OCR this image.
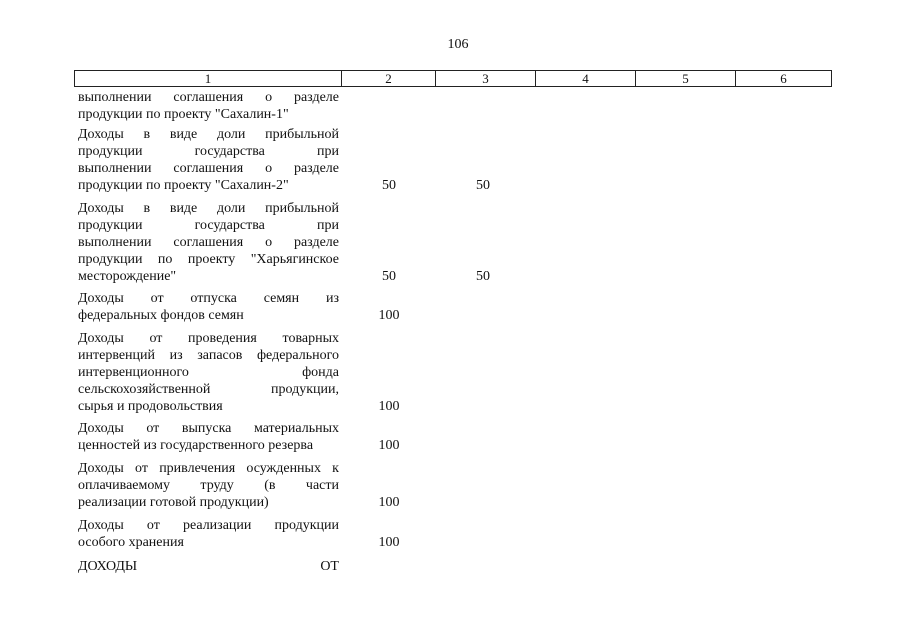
106
1	2	3	4	5	6
выполнении соглашения о разделе
продукции по проекту "Сахалин-1"
Доходы в виде доли прибыльной
продукции государства при
выполнении соглашения о разделе
продукции по проекту "Сахалин-2"	50	50
Доходы в виде доли прибыльной
продукции государства при
выполнении соглашения о разделе
продукции по проекту "Харьягинское
месторождение"	50	50
Доходы от отпуска семян из
федеральных фондов семян	100
Доходы от проведения товарных
интервенций из запасов федерального
интервенционного фонда
сельскохозяйственной продукции,
сырья и продовольствия	100
Доходы от выпуска материальных
ценностей из государственного резерва	100
Доходы от привлечения осужденных к
оплачиваемому труду (в части
реализации готовой продукции)	100
Доходы от реализации продукции
особого хранения	100
ДОХОДЫ ОТ
